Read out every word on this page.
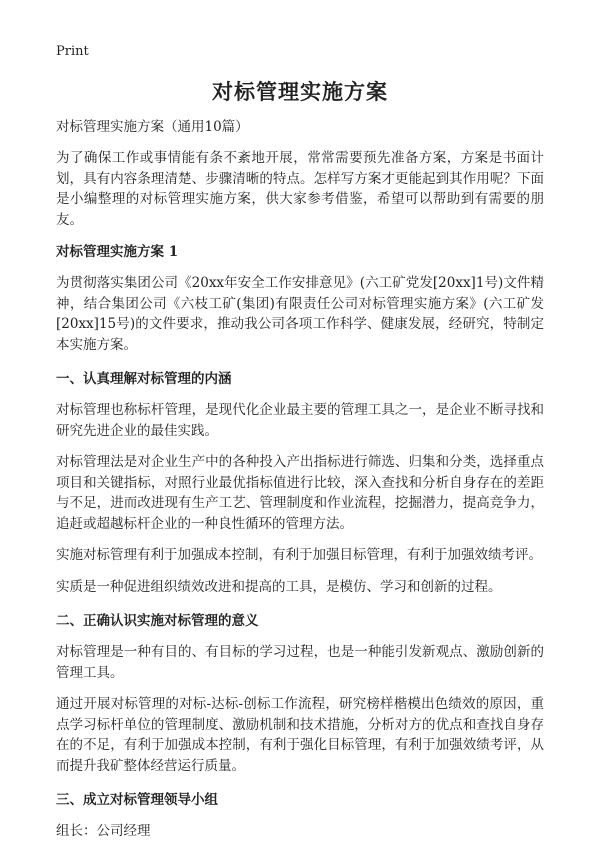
Print
对标管理实施方案
对标管理实施方案（通用10篇）

为了确保工作或事情能有条不紊地开展，常常需要预先准备方案，方案是书面计划，具有内容条理清楚、步骤清晰的特点。怎样写方案才更能起到其作用呢？下面是小编整理的对标管理实施方案，供大家参考借鉴，希望可以帮助到有需要的朋友。

对标管理实施方案 1

为贯彻落实集团公司《20xx年安全工作安排意见》(六工矿党发[20xx]1号)文件精神，结合集团公司《六枝工矿(集团)有限责任公司对标管理实施方案》(六工矿发[20xx]15号)的文件要求，推动我公司各项工作科学、健康发展，经研究，特制定本实施方案。

一、认真理解对标管理的内涵

对标管理也称标杆管理，是现代化企业最主要的管理工具之一，是企业不断寻找和研究先进企业的最佳实践。

对标管理法是对企业生产中的各种投入产出指标进行筛选、归集和分类，选择重点项目和关键指标，对照行业最优指标值进行比较，深入查找和分析自身存在的差距与不足，进而改进现有生产工艺、管理制度和作业流程，挖掘潜力，提高竞争力，追赶或超越标杆企业的一种良性循环的管理方法。

实施对标管理有利于加强成本控制，有利于加强目标管理，有利于加强效绩考评。

实质是一种促进组织绩效改进和提高的工具，是模仿、学习和创新的过程。

二、正确认识实施对标管理的意义

对标管理是一种有目的、有目标的学习过程，也是一种能引发新观点、激励创新的管理工具。

通过开展对标管理的对标-达标-创标工作流程，研究榜样楷模出色绩效的原因，重点学习标杆单位的管理制度、激励机制和技术措施，分析对方的优点和查找自身存在的不足，有利于加强成本控制，有利于强化目标管理，有利于加强效绩考评，从而提升我矿整体经营运行质量。

三、成立对标管理领导小组

组长：公司经理
